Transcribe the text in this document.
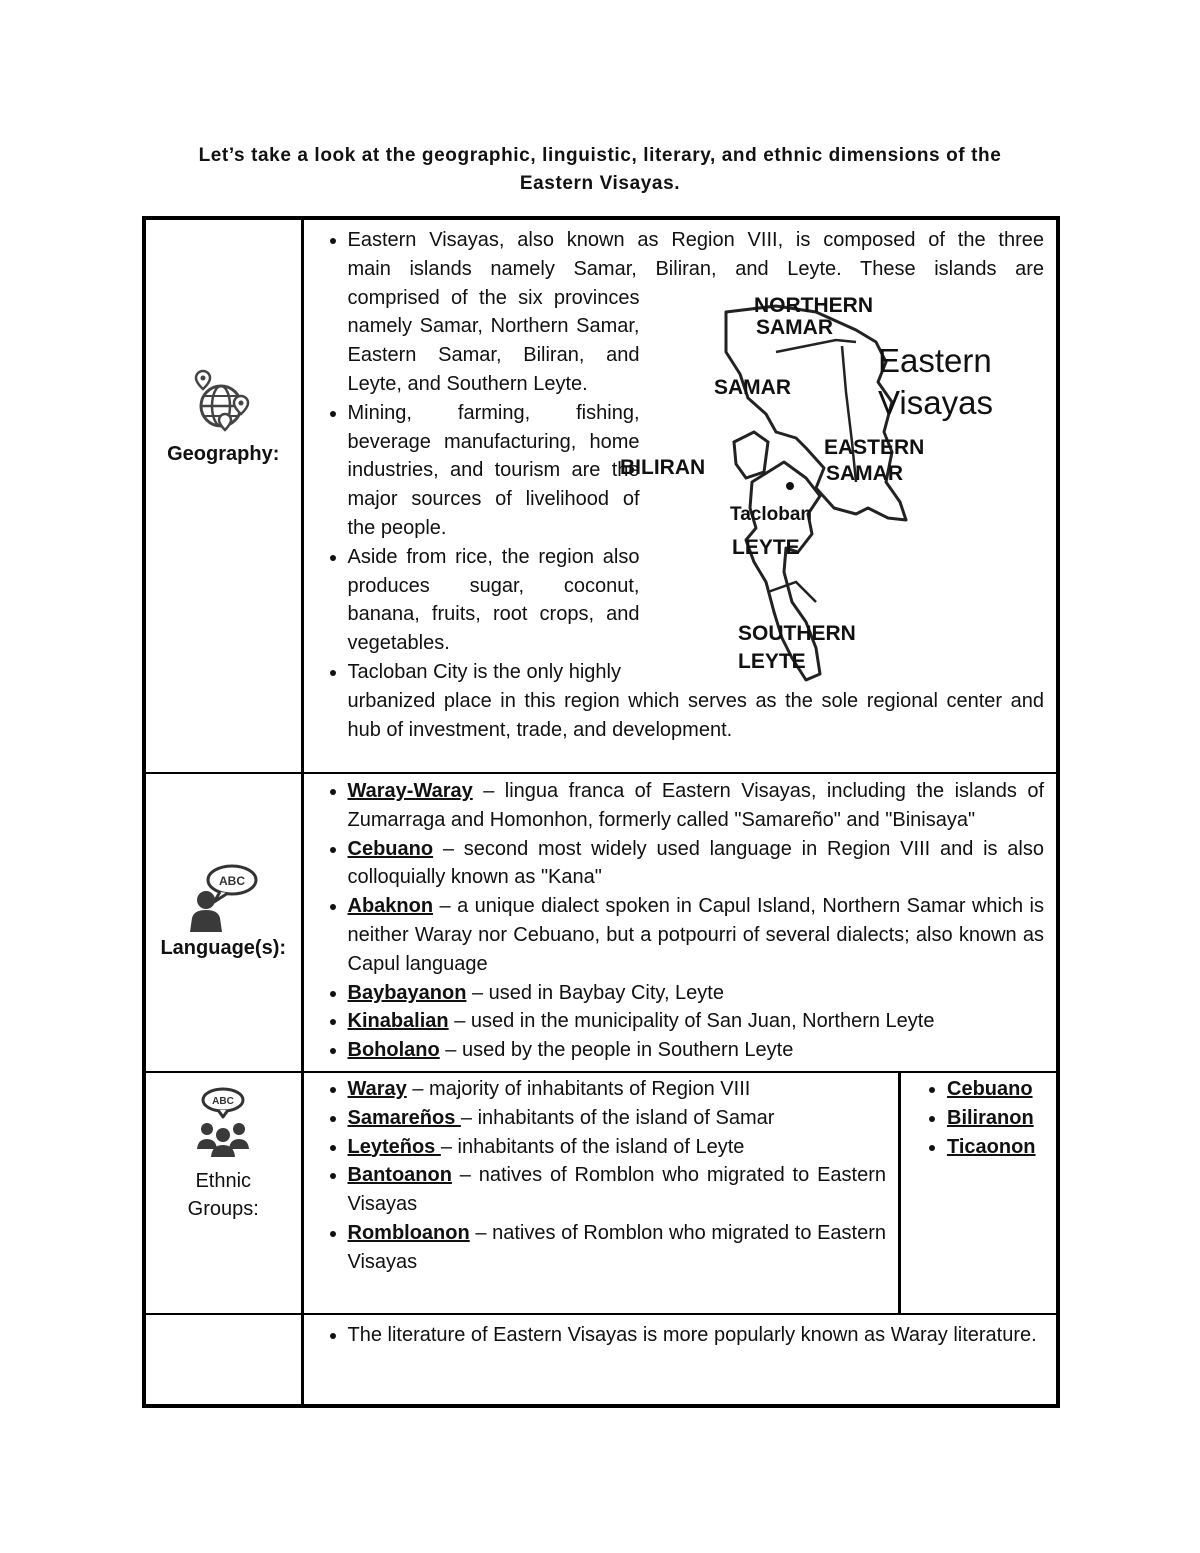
Let’s take a look at the geographic, linguistic, literary, and ethnic dimensions of the
Eastern Visayas.
Geography:

• Eastern Visayas, also known as Region VIII, is composed of the three
main islands namely Samar, Biliran, and Leyte. These islands are
comprised of the six provinces namely Samar, Northern Samar, Eastern Samar, Biliran, and Leyte, and Southern Leyte.
• Mining, farming, fishing, beverage manufacturing, home industries, and tourism are the major sources of livelihood of the people.
• Aside from rice, the region also produces sugar, coconut, banana, fruits, root crops, and vegetables.
• Tacloban City is the only highly
urbanized place in this region which serves as the sole regional center and hub of investment, trade, and development.
Eastern
Visayas
NORTHERN
SAMAR
SAMAR
EASTERN
SAMAR
BILIRAN
Tacloban
LEYTE
SOUTHERN
LEYTE

ABC
Language(s):

• Waray-Waray – lingua franca of Eastern Visayas, including the islands of Zumarraga and Homonhon, formerly called "Samareño" and "Binisaya"
• Cebuano – second most widely used language in Region VIII and is also colloquially known as "Kana"
• Abaknon – a unique dialect spoken in Capul Island, Northern Samar which is neither Waray nor Cebuano, but a potpourri of several dialects; also known as Capul language
• Baybayanon – used in Baybay City, Leyte
• Kinabalian – used in the municipality of San Juan, Northern Leyte
• Boholano – used by the people in Southern Leyte

ABC
Ethnic
Groups:

• Waray – majority of inhabitants of Region VIII
• Samareños – inhabitants of the island of Samar
• Leyteños – inhabitants of the island of Leyte
• Bantoanon – natives of Romblon who migrated to Eastern Visayas
• Rombloanon – natives of Romblon who migrated to Eastern Visayas

• Cebuano
• Biliranon
• Ticaonon

• The literature of Eastern Visayas is more popularly known as Waray literature.
